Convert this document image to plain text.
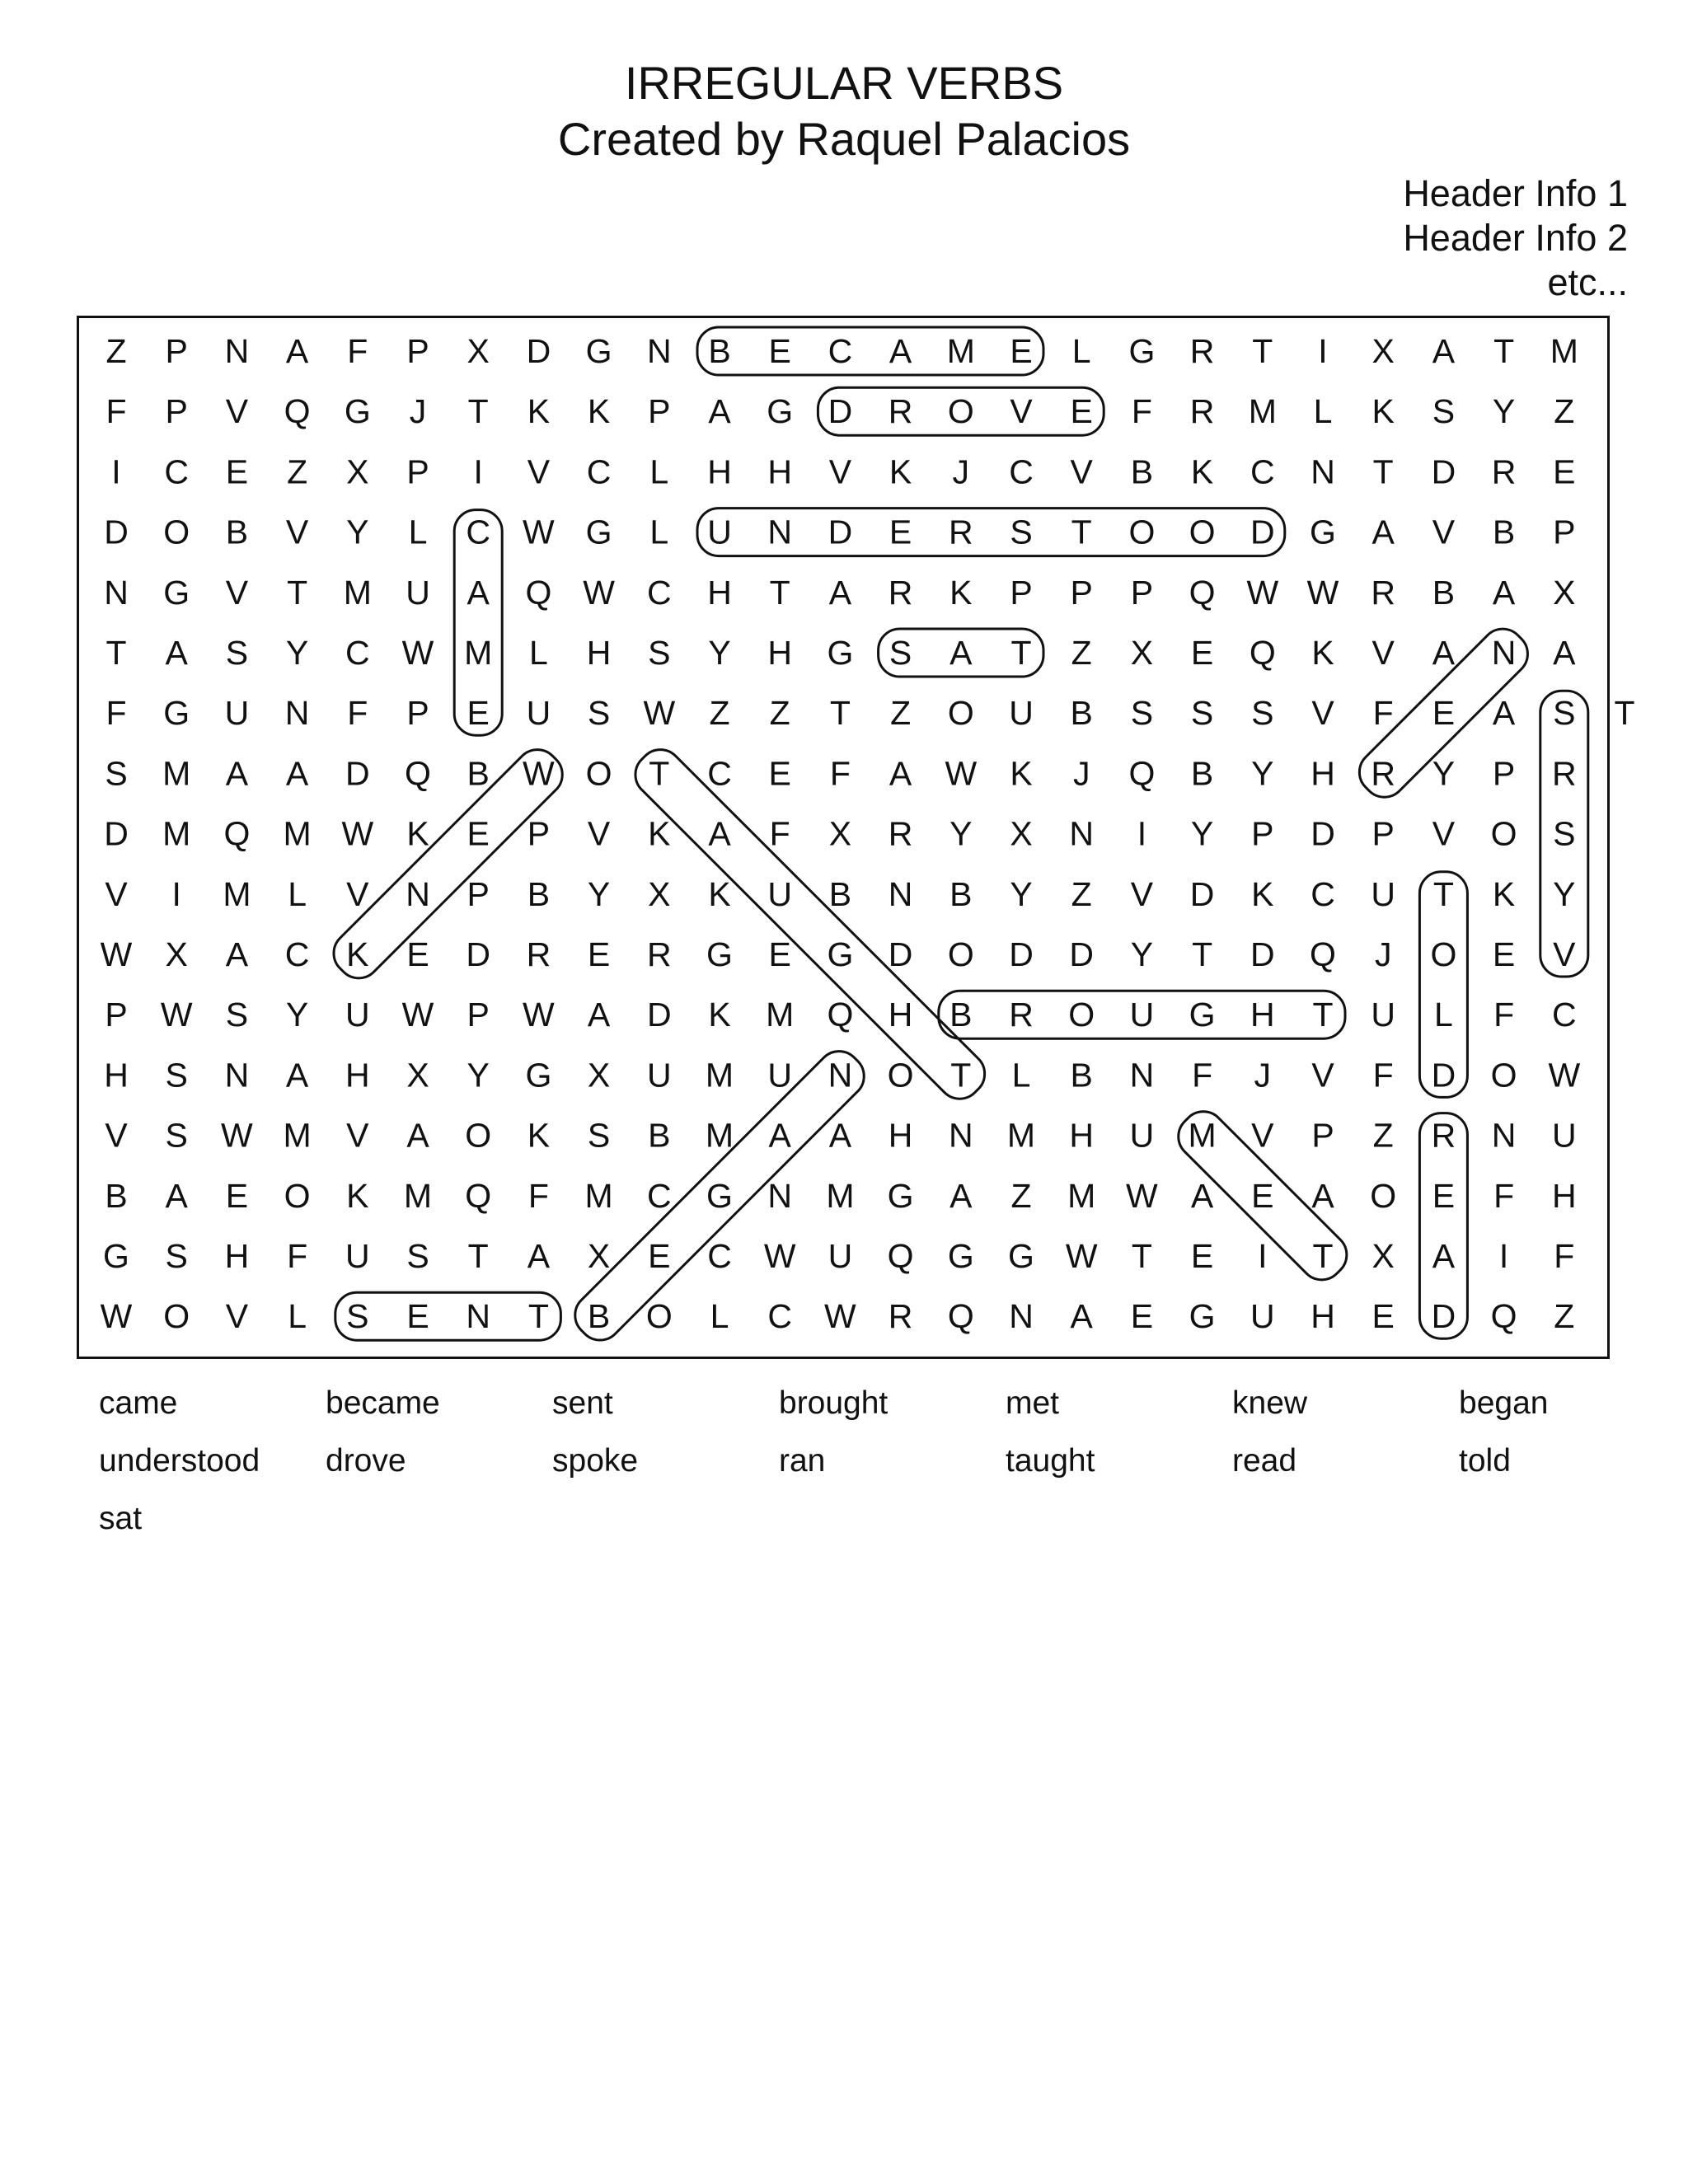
IRREGULAR VERBS
Created by Raquel Palacios
Header Info 1
Header Info 2
etc...
Z P N A F P X D G N B E C A M E L G R T I X A T M
F P V Q G J T K K P A G D R O V E F R M L K S Y Z
I C E Z X P I V C L H H V K J C V B K C N T D R E
D O B V Y L C W G L U N D E R S T O O D G A V B P
N G V T M U A Q W C H T A R K P P P Q W W R B A X
T A S Y C W M L H S Y H G S A T Z X E Q K V A N A
F G U N F P E U S W Z Z T Z O U B S S S V F E A S T
S M A A D Q B W O T C E F A W K J Q B Y H R Y P R
D M Q M W K E P V K A F X R Y X N I Y P D P V O S
V I M L V N P B Y X K U B N B Y Z V D K C U T K Y
W X A C K E D R E R G E G D O D D Y T D Q J O E V
P W S Y U W P W A D K M Q H B R O U G H T U L F C
H S N A H X Y G X U M U N O T L B N F J V F D O W
V S W M V A O K S B M A A H N M H U M V P Z R N U
B A E O K M Q F M C G N M G A Z M W A E A O E F H
G S H F U S T A X E C W U Q G G W T E I T X A I F
W O V L S E N T B O L C W R Q N A E G U H E D Q Z
came	became	sent	brought	met	knew	began
understood drove	spoke	ran	taught	read	told
sat
